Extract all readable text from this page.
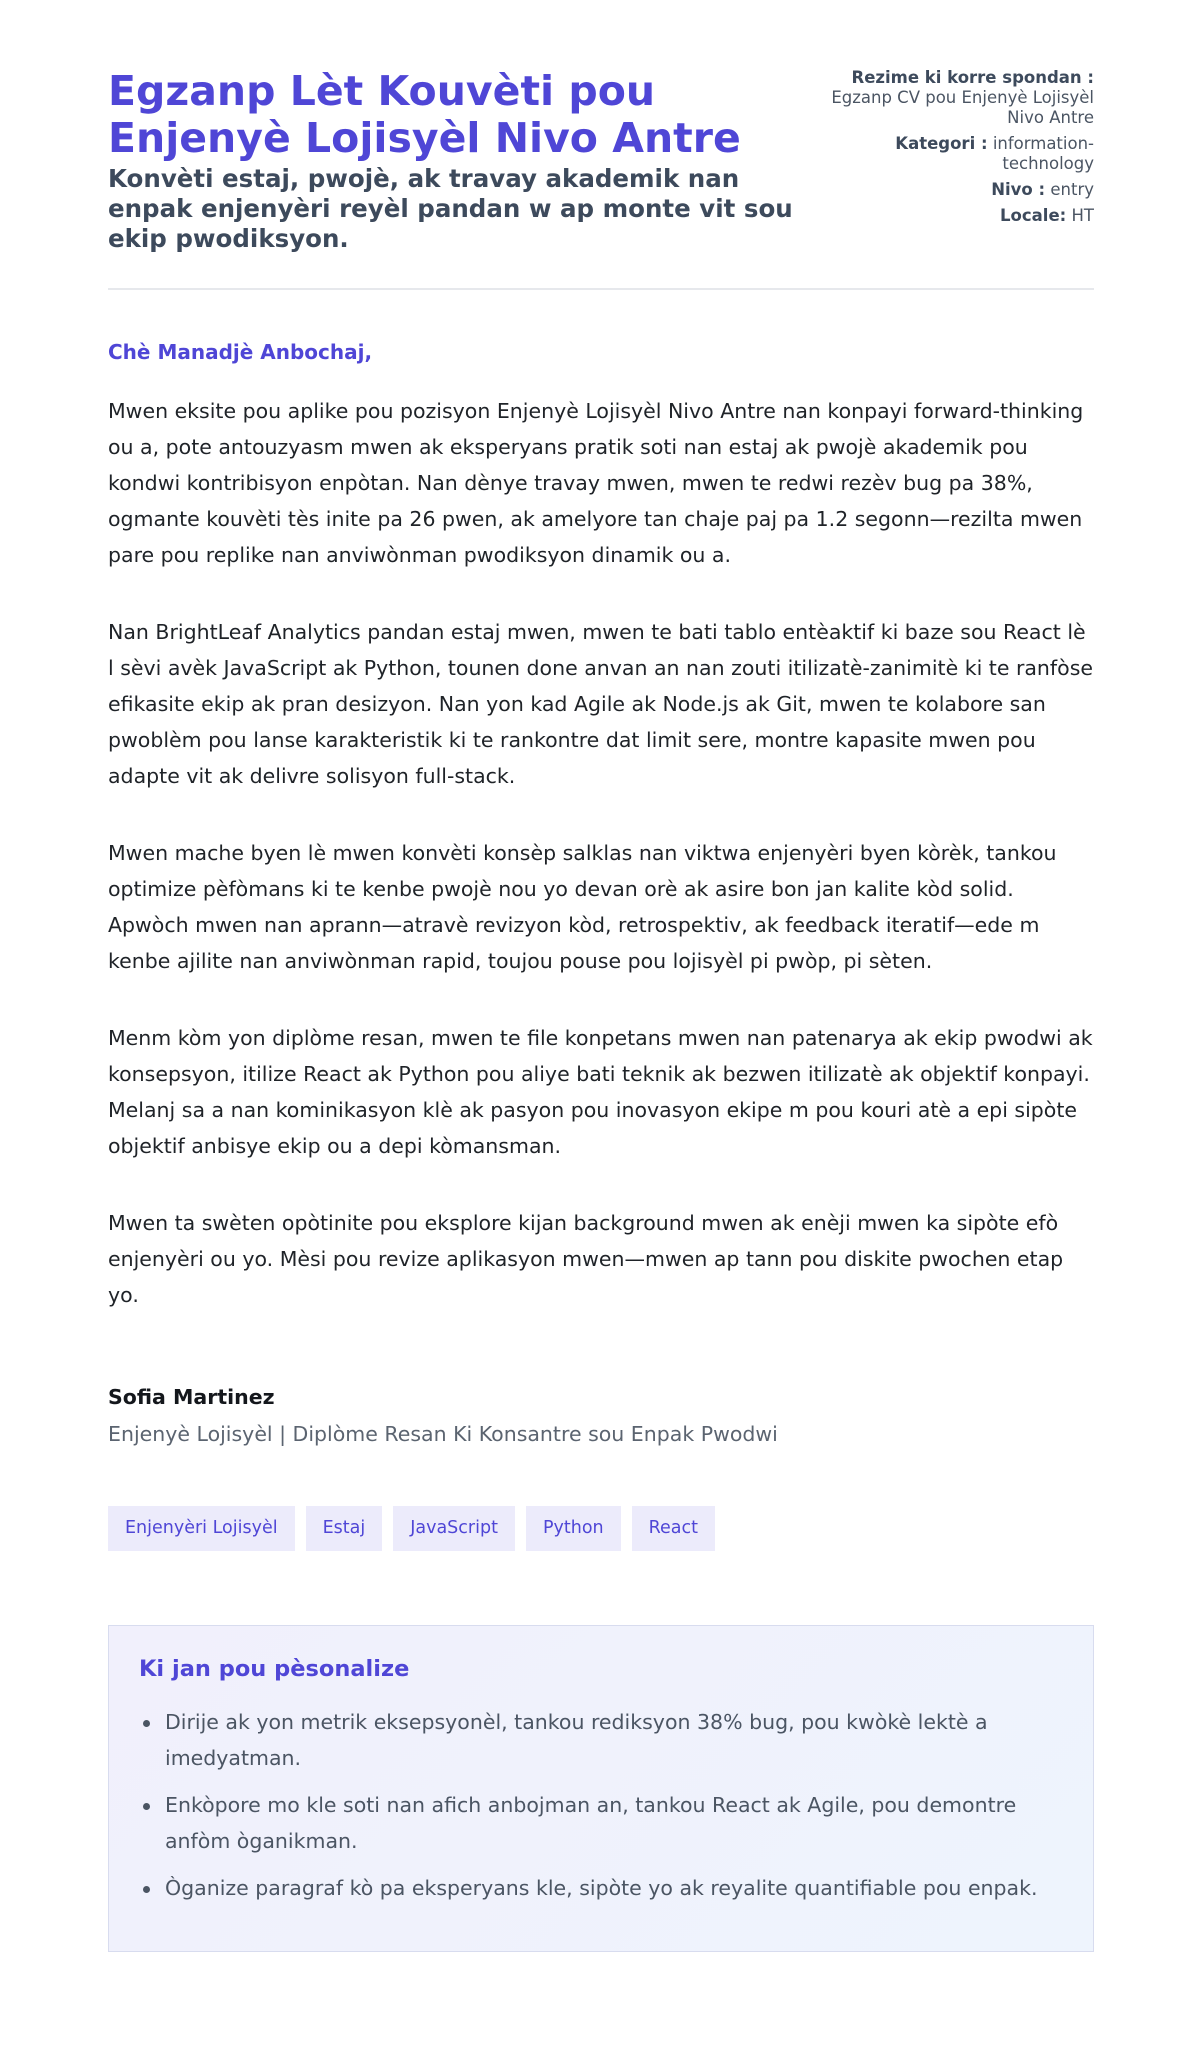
Egzanp Lèt Kouvèti pou Enjenyè Lojisyèl Nivo Antre
Konvèti estaj, pwojè, ak travay akademik nan enpak enjenyèri reyèl pandan w ap monte vit sou ekip pwodiksyon.
Rezime ki korre spondan :
Egzanp CV pou Enjenyè Lojisyèl Nivo Antre
Kategori : information-technology
Nivo : entry
Locale: HT
Chè Manadjè Anbochaj,

Mwen eksite pou aplike pou pozisyon Enjenyè Lojisyèl Nivo Antre nan konpayi forward-thinking ou a, pote antouzyasm mwen ak eksperyans pratik soti nan estaj ak pwojè akademik pou kondwi kontribisyon enpòtan. Nan dènye travay mwen, mwen te redwi rezèv bug pa 38%, ogmante kouvèti tès inite pa 26 pwen, ak amelyore tan chaje paj pa 1.2 segonn—rezilta mwen pare pou replike nan anviwònman pwodiksyon dinamik ou a.

Nan BrightLeaf Analytics pandan estaj mwen, mwen te bati tablo entèaktif ki baze sou React lè l sèvi avèk JavaScript ak Python, tounen done anvan an nan zouti itilizatè-zanimitè ki te ranfòse efikasite ekip ak pran desizyon. Nan yon kad Agile ak Node.js ak Git, mwen te kolabore san pwoblèm pou lanse karakteristik ki te rankontre dat limit sere, montre kapasite mwen pou adapte vit ak delivre solisyon full-stack.

Mwen mache byen lè mwen konvèti konsèp salklas nan viktwa enjenyèri byen kòrèk, tankou optimize pèfòmans ki te kenbe pwojè nou yo devan orè ak asire bon jan kalite kòd solid. Apwòch mwen nan aprann—atravè revizyon kòd, retrospektiv, ak feedback iteratif—ede m kenbe ajilite nan anviwònman rapid, toujou pouse pou lojisyèl pi pwòp, pi sèten.

Menm kòm yon diplòme resan, mwen te file konpetans mwen nan patenarya ak ekip pwodwi ak konsepsyon, itilize React ak Python pou aliye bati teknik ak bezwen itilizatè ak objektif konpayi. Melanj sa a nan kominikasyon klè ak pasyon pou inovasyon ekipe m pou kouri atè a epi sipòte objektif anbisye ekip ou a depi kòmansman.

Mwen ta swèten opòtinite pou eksplore kijan background mwen ak enèji mwen ka sipòte efò enjenyèri ou yo. Mèsi pou revize aplikasyon mwen—mwen ap tann pou diskite pwochen etap yo.

Sofia Martinez
Enjenyè Lojisyèl | Diplòme Resan Ki Konsantre sou Enpak Pwodwi
Enjenyèri Lojisyèl	Estaj	JavaScript	Python	React
Ki jan pou pèsonalize
Dirije ak yon metrik eksepsyonèl, tankou rediksyon 38% bug, pou kwòkè lektè a imedyatman.
Enkòpore mo kle soti nan afich anbojman an, tankou React ak Agile, pou demontre anfòm òganikman.
Òganize paragraf kò pa eksperyans kle, sipòte yo ak reyalite quantifiable pou enpak.
